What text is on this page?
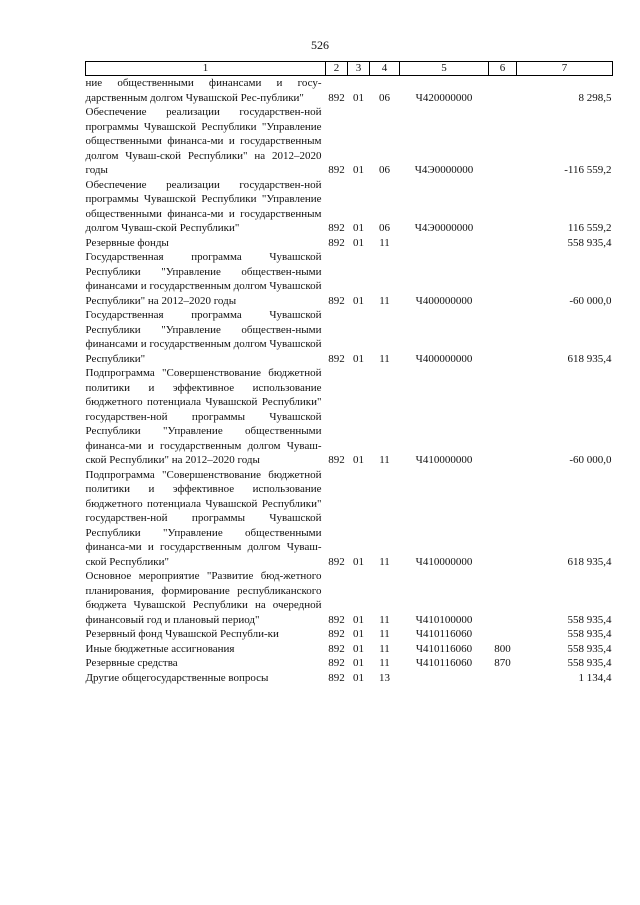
526
1	2	3	4	5	6	7
ние общественными финансами и госу-дарственным долгом Чувашской Рес-публики"	892	01	06	Ч420000000		8 298,5
Обеспечение реализации государствен-ной программы Чувашской Республики "Управление общественными финанса-ми и государственным долгом Чуваш-ской Республики" на 2012–2020 годы	892	01	06	Ч4Э0000000		-116 559,2
Обеспечение реализации государствен-ной программы Чувашской Республики "Управление общественными финанса-ми и государственным долгом Чуваш-ской Республики"	892	01	06	Ч4Э0000000		116 559,2
Резервные фонды	892	01	11			558 935,4
Государственная программа Чувашской Республики "Управление обществен-ными финансами и государственным долгом Чувашской Республики" на 2012–2020 годы	892	01	11	Ч400000000		-60 000,0
Государственная программа Чувашской Республики "Управление обществен-ными финансами и государственным долгом Чувашской Республики"	892	01	11	Ч400000000		618 935,4
Подпрограмма "Совершенствование бюджетной политики и эффективное использование бюджетного потенциала Чувашской Республики" государствен-ной программы Чувашской Республики "Управление общественными финанса-ми и государственным долгом Чуваш-ской Республики" на 2012–2020 годы	892	01	11	Ч410000000		-60 000,0
Подпрограмма "Совершенствование бюджетной политики и эффективное использование бюджетного потенциала Чувашской Республики" государствен-ной программы Чувашской Республики "Управление общественными финанса-ми и государственным долгом Чуваш-ской Республики"	892	01	11	Ч410000000		618 935,4
Основное мероприятие "Развитие бюд-жетного планирования, формирование республиканского бюджета Чувашской Республики на очередной финансовый год и плановый период"	892	01	11	Ч410100000		558 935,4
Резервный фонд Чувашской Республи-ки	892	01	11	Ч410116060		558 935,4
Иные бюджетные ассигнования	892	01	11	Ч410116060	800	558 935,4
Резервные средства	892	01	11	Ч410116060	870	558 935,4
Другие общегосударственные вопросы	892	01	13			1 134,4
